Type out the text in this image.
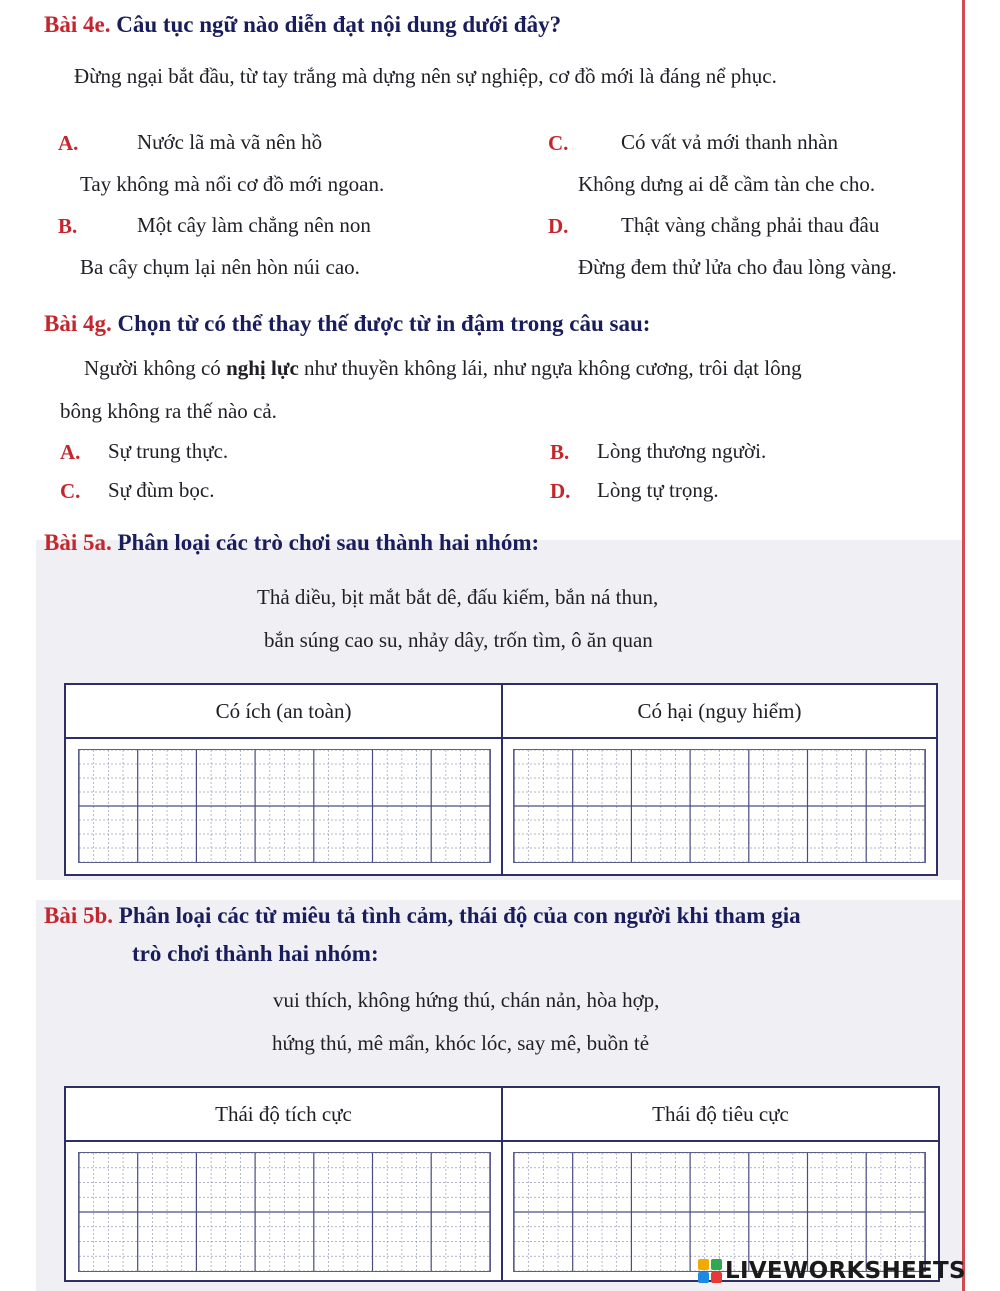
Bài 4e. Câu tục ngữ nào diễn đạt nội dung dưới đây?
Đừng ngại bắt đầu, từ tay trắng mà dựng nên sự nghiệp, cơ đồ mới là đáng nể phục.
A.	Nước lã mà vã nên hồ
Tay không mà nổi cơ đồ mới ngoan.
B.	Một cây làm chẳng nên non
Ba cây chụm lại nên hòn núi cao.
C.	Có vất vả mới thanh nhàn
Không dưng ai dễ cầm tàn che cho.
D.	Thật vàng chẳng phải thau đâu
Đừng đem thử lửa cho đau lòng vàng.
Bài 4g. Chọn từ có thể thay thế được từ in đậm trong câu sau:
Người không có nghị lực như thuyền không lái, như ngựa không cương, trôi dạt lông
bông không ra thế nào cả.
A. Sự trung thực.	B. Lòng thương người.
C. Sự đùm bọc.	D. Lòng tự trọng.
Bài 5a. Phân loại các trò chơi sau thành hai nhóm:
Thả diều, bịt mắt bắt dê, đấu kiếm, bắn ná thun,
bắn súng cao su, nhảy dây, trốn tìm, ô ăn quan
Có ích (an toàn)	Có hại (nguy hiểm)
Bài 5b. Phân loại các từ miêu tả tình cảm, thái độ của con người khi tham gia
trò chơi thành hai nhóm:
vui thích, không hứng thú, chán nản, hòa hợp,
hứng thú, mê mẩn, khóc lóc, say mê, buồn tẻ
Thái độ tích cực	Thái độ tiêu cực
LIVEWORKSHEETS
